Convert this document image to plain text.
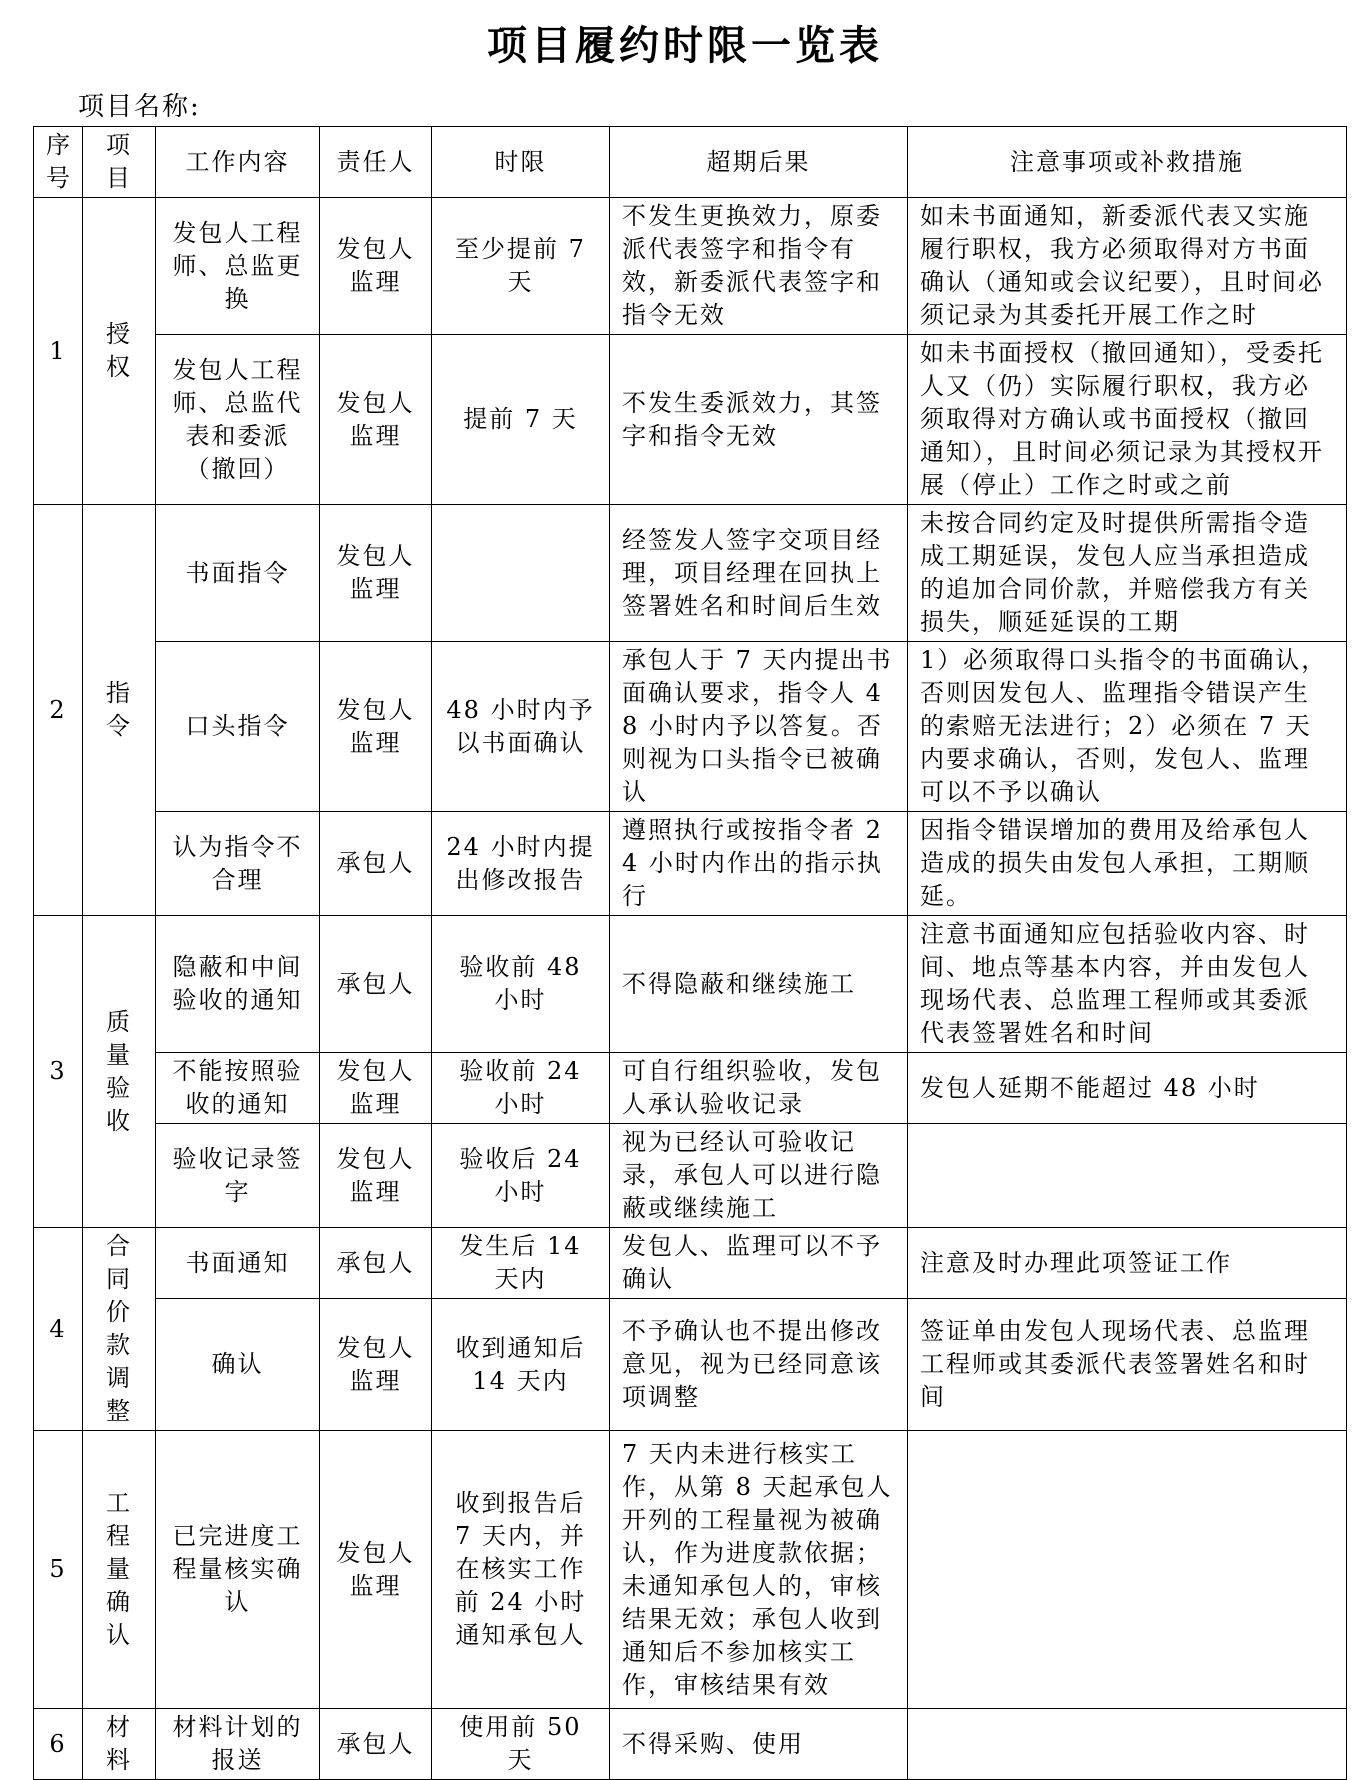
项目履约时限一览表
项目名称:
序号	项目	工作内容	责任人	时限	超期后果	注意事项或补救措施
1	授权	发包人工程师、总监更换	发包人监理	至少提前 7 天	不发生更换效力，原委派代表签字和指令有效，新委派代表签字和指令无效	如未书面通知，新委派代表又实施履行职权，我方必须取得对方书面确认（通知或会议纪要），且时间必须记录为其委托开展工作之时
		发包人工程师、总监代表和委派（撤回）	发包人监理	提前 7 天	不发生委派效力，其签字和指令无效	如未书面授权（撤回通知），受委托人又（仍）实际履行职权，我方必须取得对方确认或书面授权（撤回通知），且时间必须记录为其授权开展（停止）工作之时或之前
2	指令	书面指令	发包人监理		经签发人签字交项目经理，项目经理在回执上签署姓名和时间后生效	未按合同约定及时提供所需指令造成工期延误，发包人应当承担造成的追加合同价款，并赔偿我方有关损失，顺延延误的工期
		口头指令	发包人监理	48 小时内予以书面确认	承包人于 7 天内提出书面确认要求，指令人 48 小时内予以答复。否则视为口头指令已被确认	1）必须取得口头指令的书面确认，否则因发包人、监理指令错误产生的索赔无法进行；2）必须在 7 天内要求确认，否则，发包人、监理可以不予以确认
		认为指令不合理	承包人	24 小时内提出修改报告	遵照执行或按指令者 24 小时内作出的指示执行	因指令错误增加的费用及给承包人造成的损失由发包人承担，工期顺延。
3	质量验收	隐蔽和中间验收的通知	承包人	验收前 48 小时	不得隐蔽和继续施工	注意书面通知应包括验收内容、时间、地点等基本内容，并由发包人现场代表、总监理工程师或其委派代表签署姓名和时间
		不能按照验收的通知	发包人监理	验收前 24 小时	可自行组织验收，发包人承认验收记录	发包人延期不能超过 48 小时
		验收记录签字	发包人监理	验收后 24 小时	视为已经认可验收记录，承包人可以进行隐蔽或继续施工	
4	合同价款调整	书面通知	承包人	发生后 14 天内	发包人、监理可以不予确认	注意及时办理此项签证工作
		确认	发包人监理	收到通知后 14 天内	不予确认也不提出修改意见，视为已经同意该项调整	签证单由发包人现场代表、总监理工程师或其委派代表签署姓名和时间
5	工程量确认	已完进度工程量核实确认	发包人监理	收到报告后 7 天内，并在核实工作前 24 小时通知承包人	7 天内未进行核实工作，从第 8 天起承包人开列的工程量视为被确认，作为进度款依据；未通知承包人的，审核结果无效；承包人收到通知后不参加核实工作，审核结果有效	
6	材料	材料计划的报送	承包人	使用前 50 天	不得采购、使用	
